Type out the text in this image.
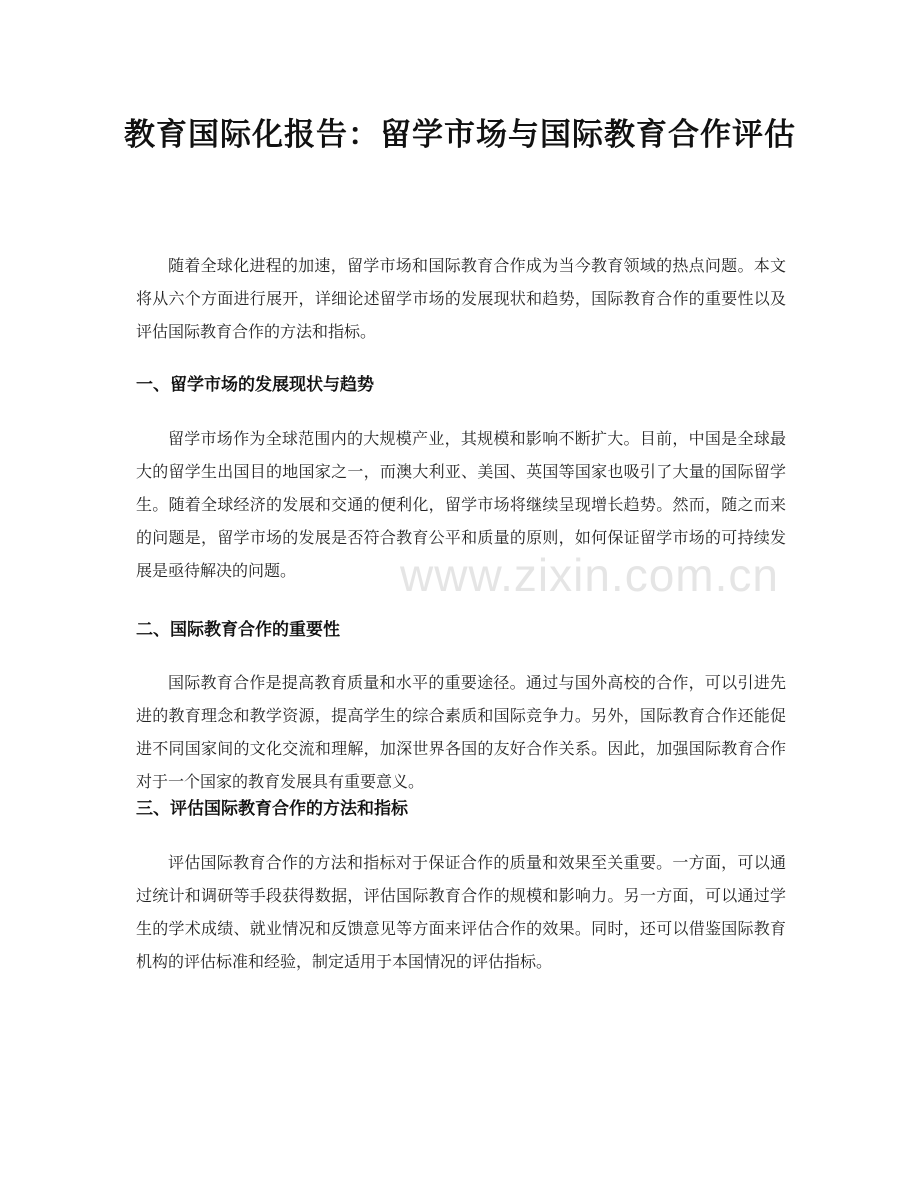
www.zixin.com.cn
教育国际化报告：留学市场与国际教育合作评估
随着全球化进程的加速，留学市场和国际教育合作成为当今教育领域的热点问题。本文将从六个方面进行展开，详细论述留学市场的发展现状和趋势，国际教育合作的重要性以及评估国际教育合作的方法和指标。
一、留学市场的发展现状与趋势
留学市场作为全球范围内的大规模产业，其规模和影响不断扩大。目前，中国是全球最大的留学生出国目的地国家之一，而澳大利亚、美国、英国等国家也吸引了大量的国际留学生。随着全球经济的发展和交通的便利化，留学市场将继续呈现增长趋势。然而，随之而来的问题是，留学市场的发展是否符合教育公平和质量的原则，如何保证留学市场的可持续发展是亟待解决的问题。
二、国际教育合作的重要性
国际教育合作是提高教育质量和水平的重要途径。通过与国外高校的合作，可以引进先进的教育理念和教学资源，提高学生的综合素质和国际竞争力。另外，国际教育合作还能促进不同国家间的文化交流和理解，加深世界各国的友好合作关系。因此，加强国际教育合作对于一个国家的教育发展具有重要意义。
三、评估国际教育合作的方法和指标
评估国际教育合作的方法和指标对于保证合作的质量和效果至关重要。一方面，可以通过统计和调研等手段获得数据，评估国际教育合作的规模和影响力。另一方面，可以通过学生的学术成绩、就业情况和反馈意见等方面来评估合作的效果。同时，还可以借鉴国际教育机构的评估标准和经验，制定适用于本国情况的评估指标。
